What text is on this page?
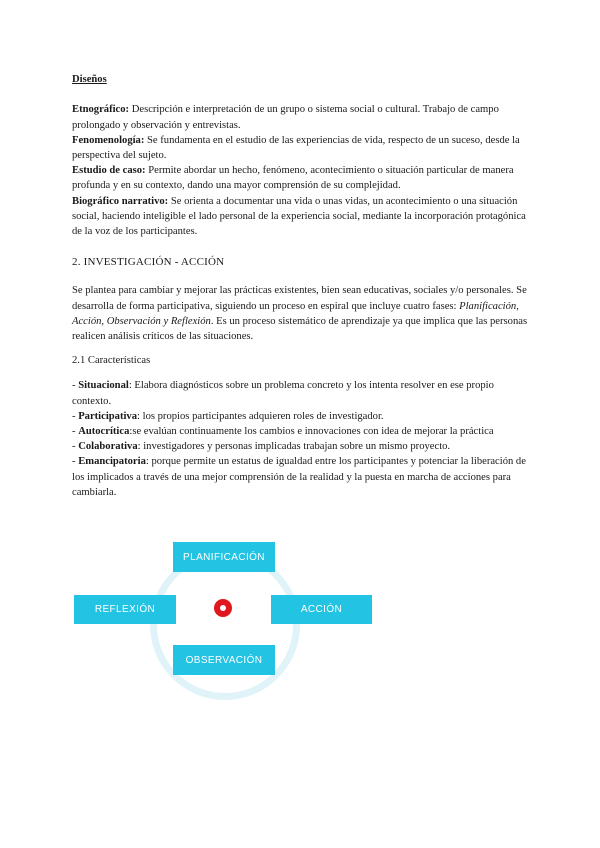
Diseños

Etnográfico: Descripción e interpretación de un grupo o sistema social o cultural. Trabajo de campo prolongado y observación y entrevistas.

Fenomenología: Se fundamenta en el estudio de las experiencias de vida, respecto de un suceso, desde la perspectiva del sujeto.

Estudio de caso: Permite abordar un hecho, fenómeno, acontecimiento o situación particular de manera profunda y en su contexto, dando una mayor comprensión de su complejidad.

Biográfico narrativo: Se orienta a documentar una vida o unas vidas, un acontecimiento o una situación social, haciendo inteligible el lado personal de la experiencia social, mediante la incorporación protagónica de la voz de los participantes.

2. INVESTIGACIÓN - ACCIÓN

Se plantea para cambiar y mejorar las prácticas existentes, bien sean educativas, sociales y/o personales. Se desarrolla de forma participativa, siguiendo un proceso en espiral que incluye cuatro fases: Planificación, Acción, Observación y Reflexión. Es un proceso sistemático de aprendizaje ya que implica que las personas realicen análisis críticos de las situaciones.

2.1 Características

- Situacional: Elabora diagnósticos sobre un problema concreto y los intenta resolver en ese propio contexto.

- Participativa: los propios participantes adquieren roles de investigador.

- Autocrítica:se evalúan continuamente los cambios e innovaciones con idea de mejorar la práctica

- Colaborativa: investigadores y personas implicadas trabajan sobre un mismo proyecto.

- Emancipatoria: porque permite un estatus de igualdad entre los participantes y potenciar la liberación de los implicados a través de una mejor comprensión de la realidad y la puesta en marcha de acciones para cambiarla.

PLANIFICACIÓN
REFLEXIÓN	ACCIÓN
OBSERVACIÓN
